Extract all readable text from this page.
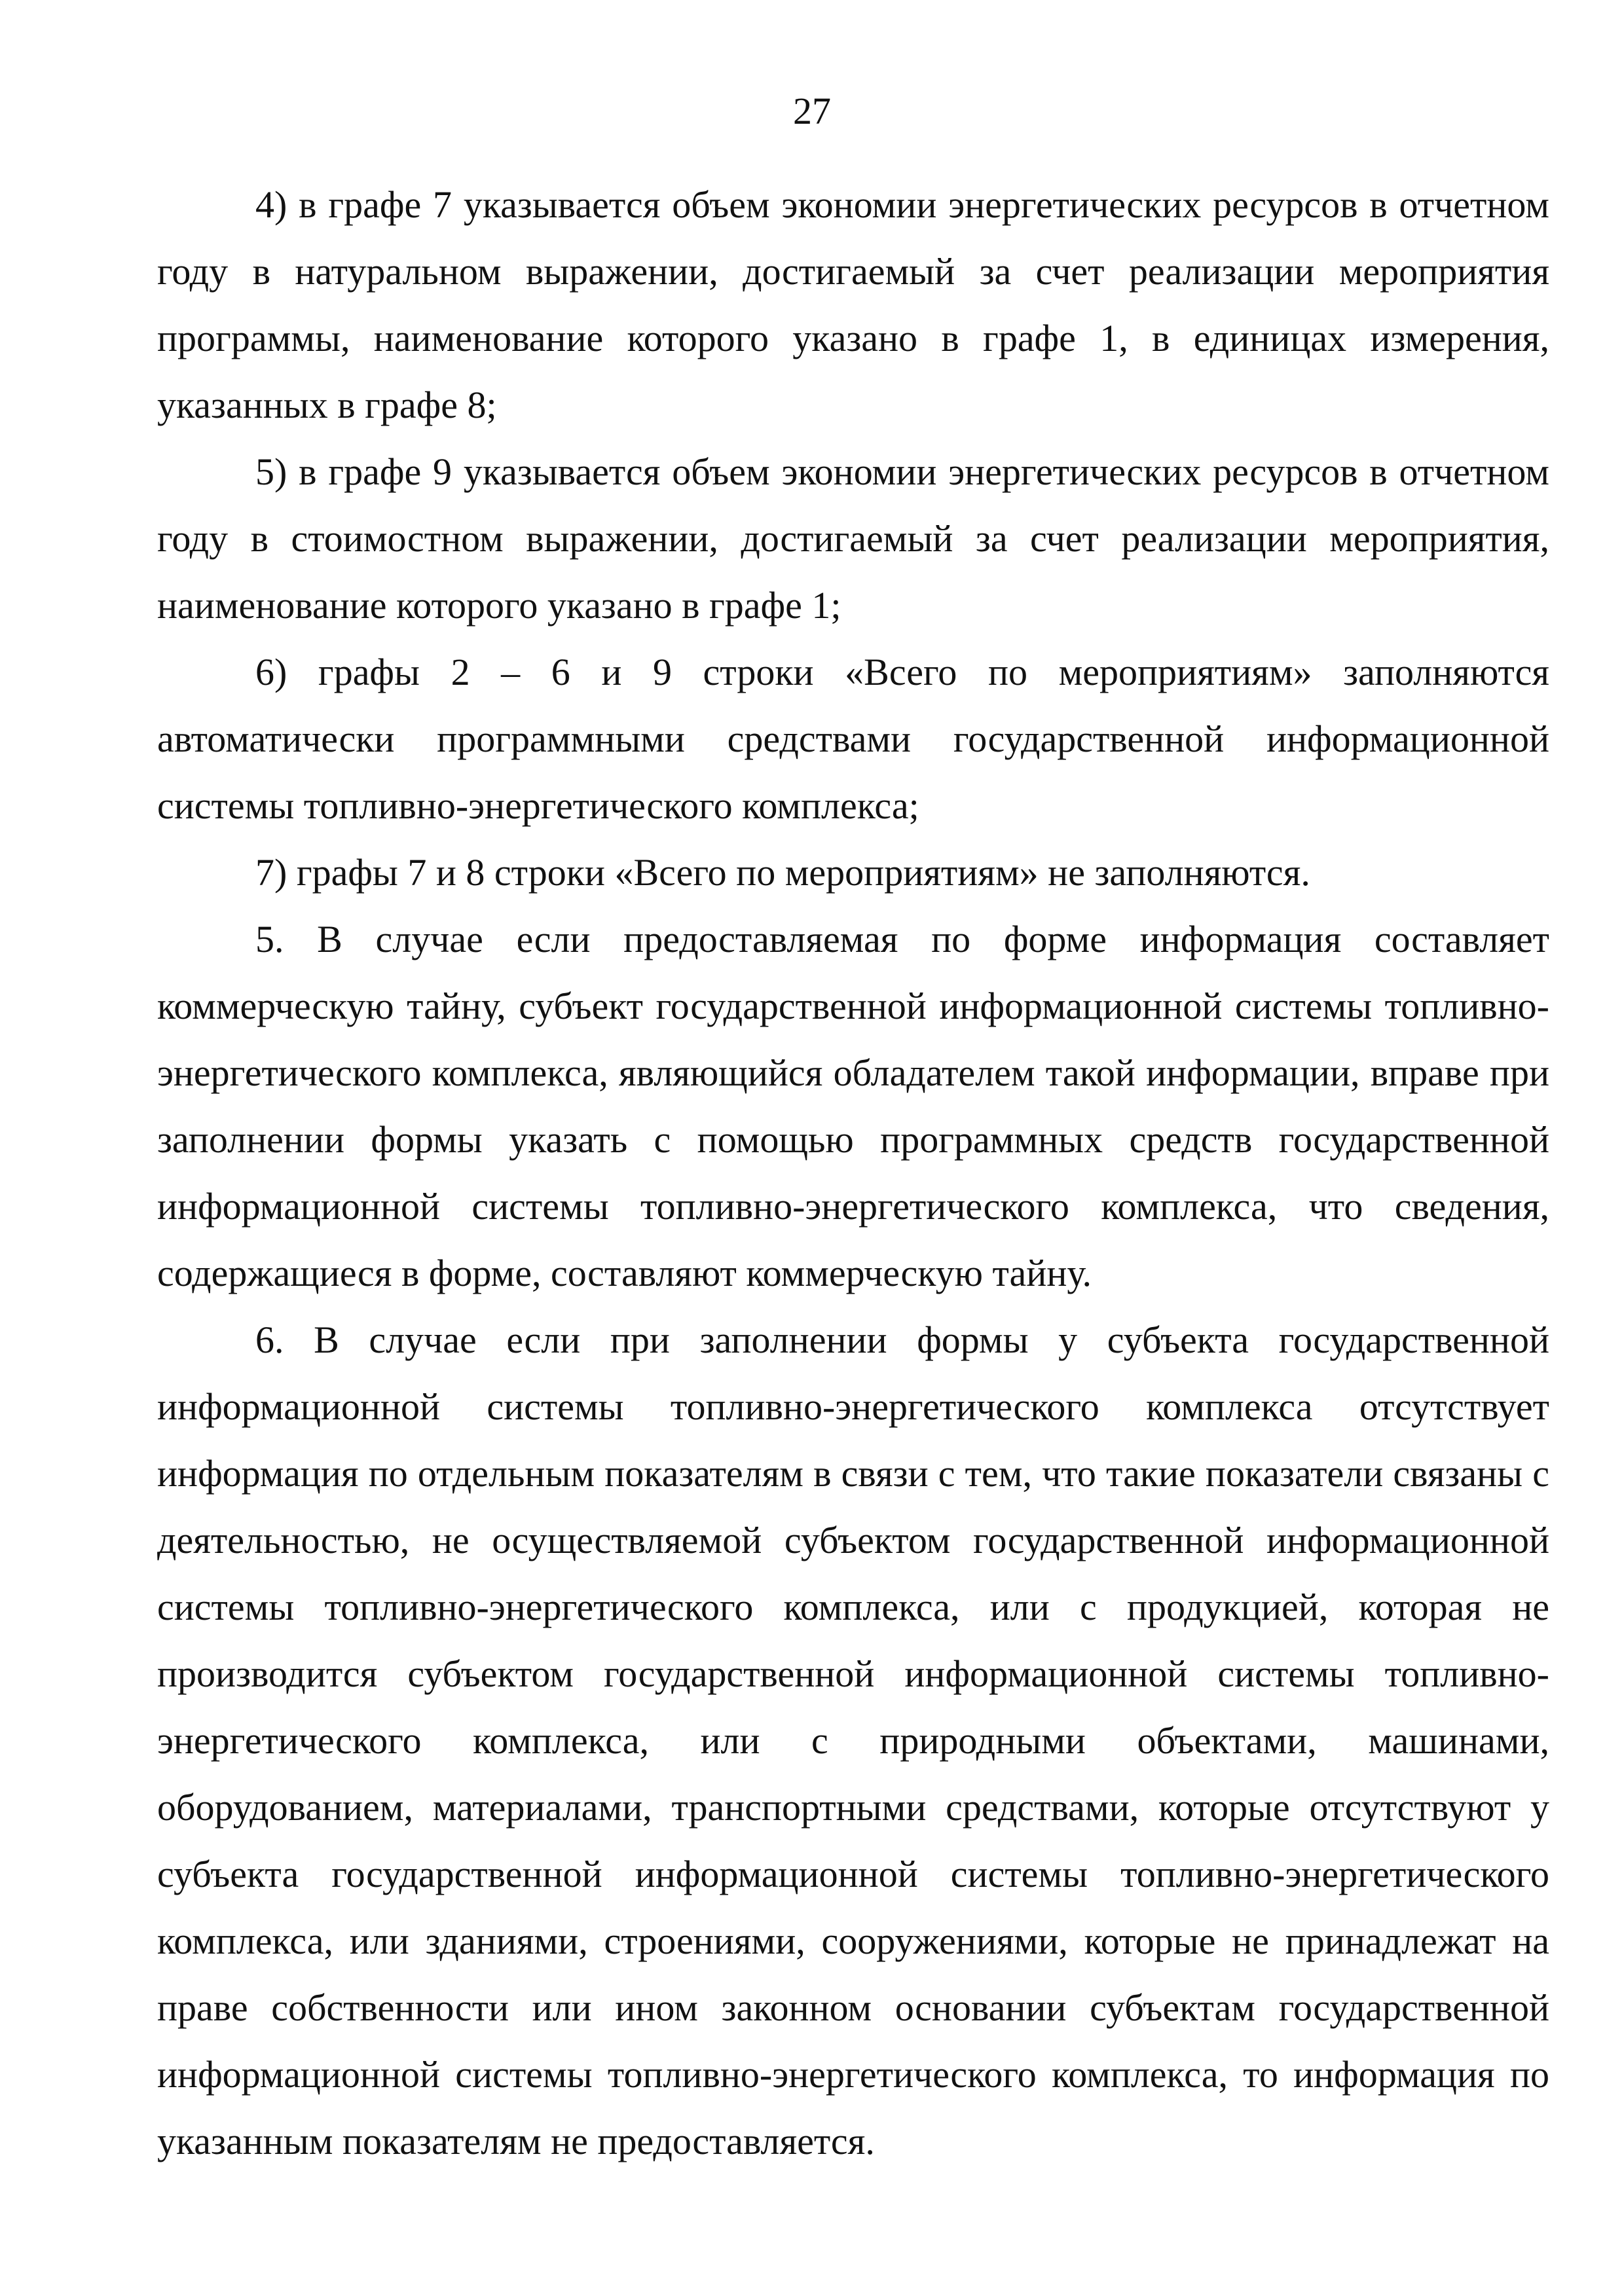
27

4) в графе 7 указывается объем экономии энергетических ресурсов в отчетном году в натуральном выражении, достигаемый за счет реализации мероприятия программы, наименование которого указано в графе 1, в единицах измерения, указанных в графе 8;

5) в графе 9 указывается объем экономии энергетических ресурсов в отчетном году в стоимостном выражении, достигаемый за счет реализации мероприятия, наименование которого указано в графе 1;

6) графы 2 – 6 и 9 строки «Всего по мероприятиям» заполняются автоматически программными средствами государственной информационной системы топливно-энергетического комплекса;

7) графы 7 и 8 строки «Всего по мероприятиям» не заполняются.

5. В случае если предоставляемая по форме информация составляет коммерческую тайну, субъект государственной информационной системы топливно-энергетического комплекса, являющийся обладателем такой информации, вправе при заполнении формы указать с помощью программных средств государственной информационной системы топливно-энергетического комплекса, что сведения, содержащиеся в форме, составляют коммерческую тайну.

6. В случае если при заполнении формы у субъекта государственной информационной системы топливно-энергетического комплекса отсутствует информация по отдельным показателям в связи с тем, что такие показатели связаны с деятельностью, не осуществляемой субъектом государственной информационной системы топливно-энергетического комплекса, или с продукцией, которая не производится субъектом государственной информационной системы топливно-энергетического комплекса, или с природными объектами, машинами, оборудованием, материалами, транспортными средствами, которые отсутствуют у субъекта государственной информационной системы топливно-энергетического комплекса, или зданиями, строениями, сооружениями, которые не принадлежат на праве собственности или ином законном основании субъектам государственной информационной системы топливно-энергетического комплекса, то информация по указанным показателям не предоставляется.
